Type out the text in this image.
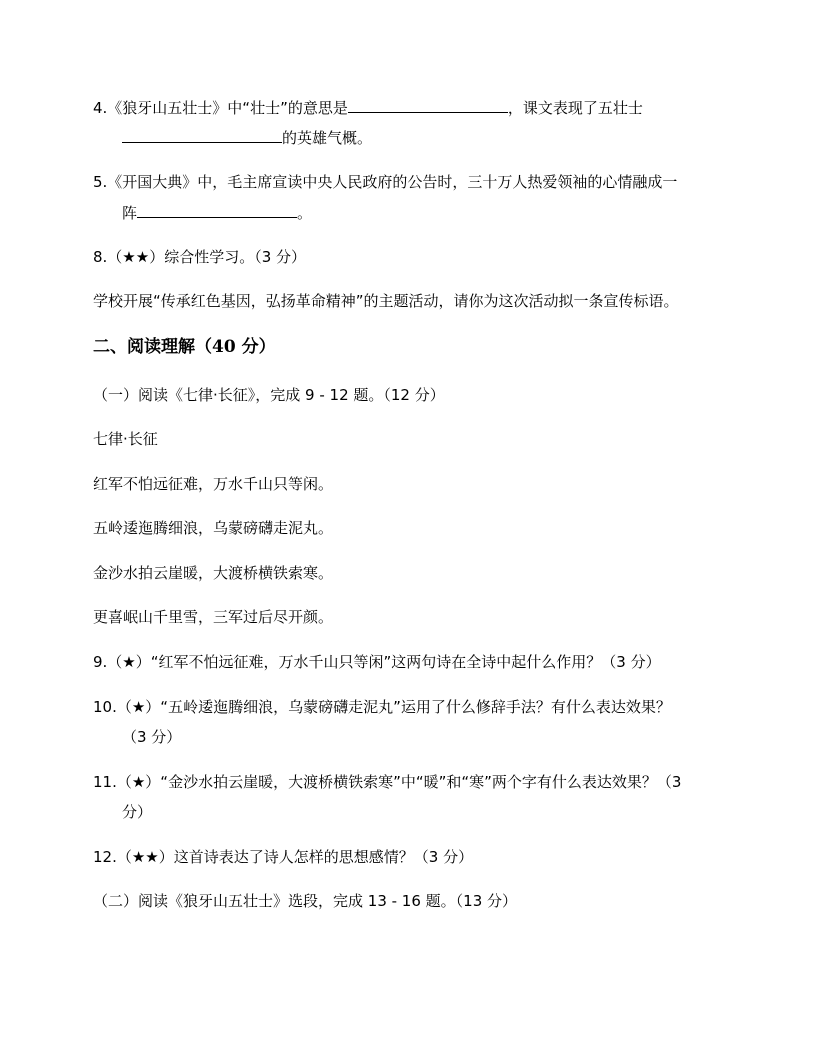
4.《狼牙山五壮士》中“壮士”的意思是	，课文表现了五壮士
的英雄气概。
5.《开国大典》中，毛主席宣读中央人民政府的公告时，三十万人热爱领袖的心情融成一
阵	。
8.（★★）综合性学习。（3 分）
学校开展“传承红色基因，弘扬革命精神”的主题活动，请你为这次活动拟一条宣传标语。
二、阅读理解（40 分）
（一）阅读《七律·长征》，完成 9 - 12 题。（12 分）
七律·长征
红军不怕远征难，万水千山只等闲。
五岭逶迤腾细浪，乌蒙磅礴走泥丸。
金沙水拍云崖暖，大渡桥横铁索寒。
更喜岷山千里雪，三军过后尽开颜。
9.（★）“红军不怕远征难，万水千山只等闲”这两句诗在全诗中起什么作用？（3 分）
10.（★）“五岭逶迤腾细浪，乌蒙磅礴走泥丸”运用了什么修辞手法？有什么表达效果？
（3 分）
11.（★）“金沙水拍云崖暖，大渡桥横铁索寒”中“暖”和“寒”两个字有什么表达效果？（3
分）
12.（★★）这首诗表达了诗人怎样的思想感情？（3 分）
（二）阅读《狼牙山五壮士》选段，完成 13 - 16 题。（13 分）
